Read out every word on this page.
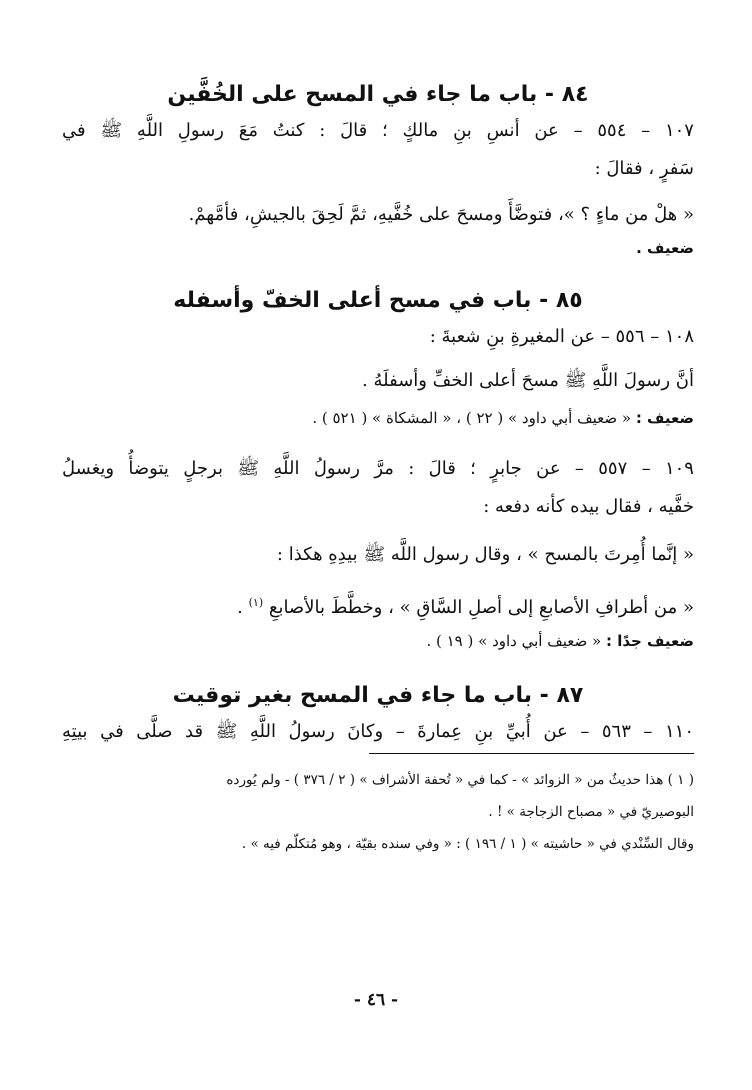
٨٤ - باب ما جاء في المسح على الخُفَّين

١٠٧ – ٥٥٤ – عن أنسِ بنِ مالكٍ ؛ قالَ : كنتُ مَعَ رسولِ اللَّهِ ﷺ في

سَفرٍ ، فقالَ :

« هلْ من ماءٍ ؟ »، فتوضَّأَ ومسحَ على خُفَّيهِ، ثمَّ لَحِقَ بالجيشِ، فأمَّهمْ.

ضعيف .

٨٥ - باب في مسح أعلى الخفّ وأسفله

١٠٨ – ٥٥٦ – عن المغيرةِ بنِ شعبةَ :

أنَّ رسولَ اللَّهِ ﷺ مسحَ أعلى الخفِّ وأسفلَهُ .

ضعيف : « ضعيف أبي داود » ( ٢٢ ) ، « المشكاة » ( ٥٢١ ) .

١٠٩ – ٥٥٧ – عن جابرٍ ؛ قالَ : مرَّ رسولُ اللَّهِ ﷺ برجلٍ يتوضأُ ويغسلُ

خفَّيه ، فقال بيده كأنه دفعه :

« إنَّما أُمِرتَ بالمسح » ، وقال رسول اللَّه ﷺ بيدِهِ هكذا :

« من أطرافِ الأصابعِ إلى أصلِ السَّاقِ » ، وخطَّطَ بالأصابعِ $^{(١)}$ .

ضعيف جدًا : « ضعيف أبي داود » ( ١٩ ) .

٨٧ - باب ما جاء في المسح بغير توقيت

١١٠ – ٥٦٣ – عن أُبيِّ بنِ عِمارةَ – وكانَ رسولُ اللَّهِ ﷺ قد صلَّى في بيتِهِ

( ١ ) هذا حديثٌ من « الزوائد » - كما في « تُحفة الأشراف » ( ٢ / ٣٧٦ ) - ولم يُورده

البوصيريّ في « مصباح الزجاجة » ! .

وقال السِّنْدي في « حاشيته » ( ١ / ١٩٦ ) : « وفي سنده بقيّة ، وهو مُتكلّم فيه » .

- ٤٦ -
